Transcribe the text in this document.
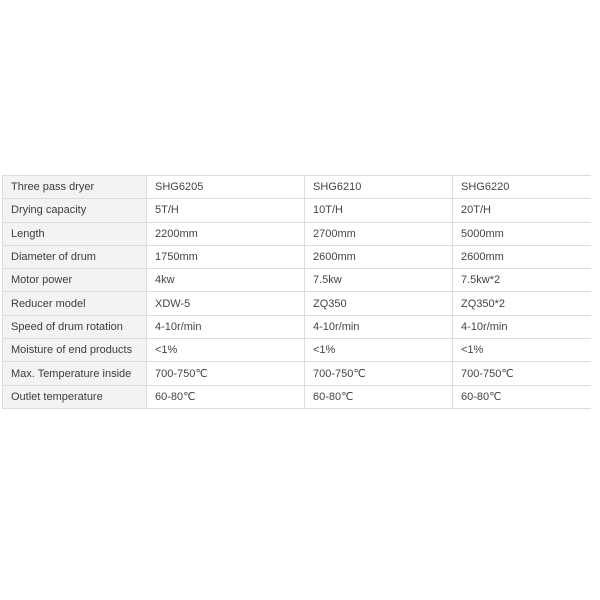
Three pass dryer	SHG6205	SHG6210	SHG6220
Drying capacity	5T/H	10T/H	20T/H
Length	2200mm	2700mm	5000mm
Diameter of drum	1750mm	2600mm	2600mm
Motor power	4kw	7.5kw	7.5kw*2
Reducer model	XDW-5	ZQ350	ZQ350*2
Speed of drum rotation	4-10r/min	4-10r/min	4-10r/min
Moisture of end products	<1%	<1%	<1%
Max. Temperature inside	700-750℃	700-750℃	700-750℃
Outlet temperature	60-80℃	60-80℃	60-80℃
